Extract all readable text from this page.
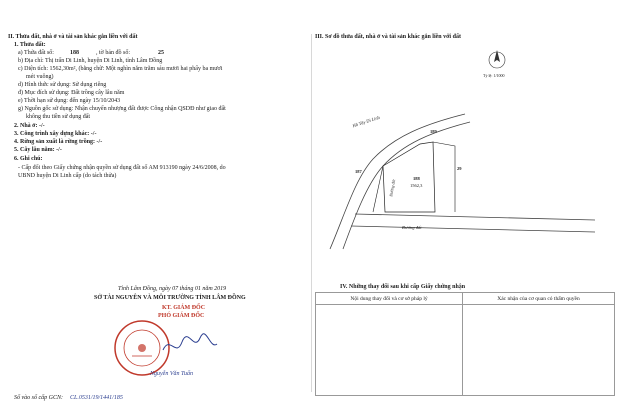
II. Thửa đất, nhà ở và tài sản khác gắn liền với đất
1. Thửa đất:
a) Thửa đất số:	188	, tờ bản đồ số:	25
b) Địa chỉ: Thị trấn Di Linh, huyện Di Linh, tỉnh Lâm Đồng
c) Diện tích: 1562,30m², (bằng chữ: Một nghìn năm trăm sáu mươi hai phẩy ba mươi
mét vuông)
d) Hình thức sử dụng: Sử dụng riêng
đ) Mục đích sử dụng: Đất trồng cây lâu năm
e) Thời hạn sử dụng: đến ngày 15/10/2043
g) Nguồn gốc sử dụng: Nhận chuyển nhượng đất được Công nhận QSDĐ như giao đất
không thu tiền sử dụng đất
2. Nhà ở: -/-
3. Công trình xây dựng khác: -/-
4. Rừng sản xuất là rừng trồng: -/-
5. Cây lâu năm: -/-
6. Ghi chú:
- Cấp đổi theo Giấy chứng nhận quyền sử dụng đất số AM 913190 ngày 24/6/2008, do
UBND huyện Di Linh cấp (do tách thửa)
Tỉnh Lâm Đồng, ngày 07 tháng 01 năm 2019
SỞ TÀI NGUYÊN VÀ MÔI TRƯỜNG TỈNH LÂM ĐỒNG
KT. GIÁM ĐỐC
PHÓ GIÁM ĐỐC
Nguyễn Văn Tuấn
Số vào sổ cấp GCN: CL.0531/19/1441/185
III. Sơ đồ thửa đất, nhà ở và tài sản khác gắn liền với đất
Tỷ lệ: 1/1000
Hồ Tây Di Linh
Đường đất
Đường đất
188
1562,3
189
187
29
IV. Những thay đổi sau khi cấp Giấy chứng nhận
Nội dung thay đổi và cơ sở pháp lý	Xác nhận của cơ quan có thẩm quyền
